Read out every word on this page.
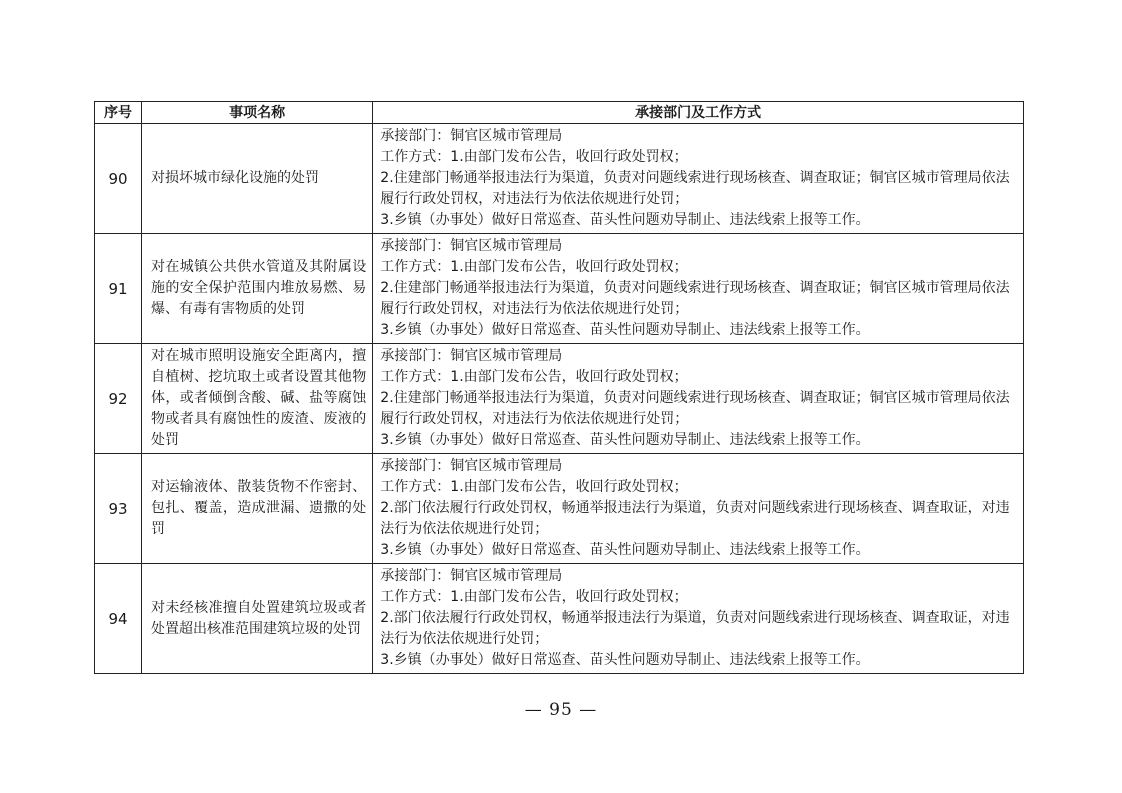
序号	事项名称	承接部门及工作方式
90	对损坏城市绿化设施的处罚	承接部门：铜官区城市管理局
工作方式：1.由部门发布公告，收回行政处罚权；
2.住建部门畅通举报违法行为渠道，负责对问题线索进行现场核查、调查取证；铜官区城市管理局依法履行行政处罚权，对违法行为依法依规进行处罚；
3.乡镇（办事处）做好日常巡查、苗头性问题劝导制止、违法线索上报等工作。

91	对在城镇公共供水管道及其附属设施的安全保护范围内堆放易燃、易爆、有毒有害物质的处罚	承接部门：铜官区城市管理局
工作方式：1.由部门发布公告，收回行政处罚权；
2.住建部门畅通举报违法行为渠道，负责对问题线索进行现场核查、调查取证；铜官区城市管理局依法履行行政处罚权，对违法行为依法依规进行处罚；
3.乡镇（办事处）做好日常巡查、苗头性问题劝导制止、违法线索上报等工作。

92	对在城市照明设施安全距离内，擅自植树、挖坑取土或者设置其他物体，或者倾倒含酸、碱、盐等腐蚀物或者具有腐蚀性的废渣、废液的处罚	承接部门：铜官区城市管理局
工作方式：1.由部门发布公告，收回行政处罚权；
2.住建部门畅通举报违法行为渠道，负责对问题线索进行现场核查、调查取证；铜官区城市管理局依法履行行政处罚权，对违法行为依法依规进行处罚；
3.乡镇（办事处）做好日常巡查、苗头性问题劝导制止、违法线索上报等工作。

93	对运输液体、散装货物不作密封、包扎、覆盖，造成泄漏、遗撒的处罚	承接部门：铜官区城市管理局
工作方式：1.由部门发布公告，收回行政处罚权；
2.部门依法履行行政处罚权，畅通举报违法行为渠道，负责对问题线索进行现场核查、调查取证，对违法行为依法依规进行处罚；
3.乡镇（办事处）做好日常巡查、苗头性问题劝导制止、违法线索上报等工作。

94	对未经核准擅自处置建筑垃圾或者处置超出核准范围建筑垃圾的处罚	承接部门：铜官区城市管理局
工作方式：1.由部门发布公告，收回行政处罚权；
2.部门依法履行行政处罚权，畅通举报违法行为渠道，负责对问题线索进行现场核查、调查取证，对违法行为依法依规进行处罚；
3.乡镇（办事处）做好日常巡查、苗头性问题劝导制止、违法线索上报等工作。
— 95 —
